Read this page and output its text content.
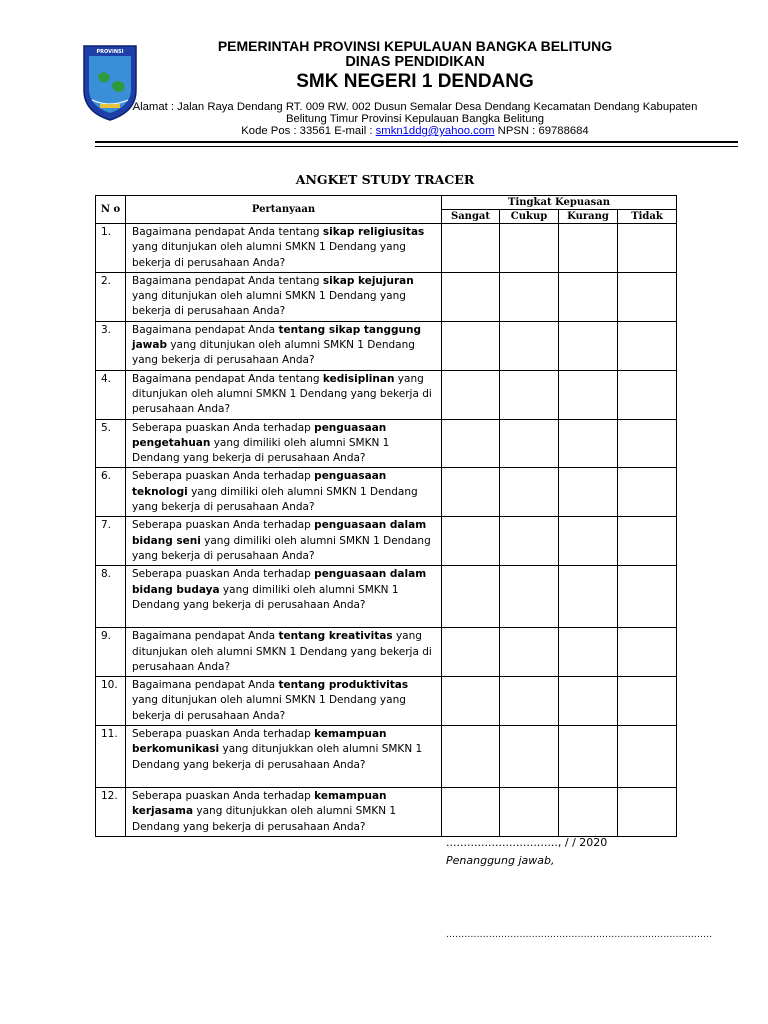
PROVINSI	PEMERINTAH PROVINSI KEPULAUAN BANGKA BELITUNG
DINAS PENDIDIKAN
SMK NEGERI 1 DENDANG
Alamat : Jalan Raya Dendang RT. 009 RW. 002 Dusun Semalar Desa Dendang Kecamatan Dendang Kabupaten
Belitung Timur Provinsi Kepulauan Bangka Belitung
Kode Pos : 33561 E-mail : smkn1ddg@yahoo.com NPSN : 69788684
ANGKET STUDY TRACER
N o	Pertanyaan	Tingkat Kepuasan			
		Sangat	Cukup	Kurang	Tidak
1.	Bagaimana pendapat Anda tentang sikap religiusitas yang ditunjukan oleh alumni SMKN 1 Dendang yang bekerja di perusahaan Anda?				
2.	Bagaimana pendapat Anda tentang sikap kejujuran yang ditunjukan oleh alumni SMKN 1 Dendang yang bekerja di perusahaan Anda?				
3.	Bagaimana pendapat Anda tentang sikap tanggung jawab yang ditunjukan oleh alumni SMKN 1 Dendang yang bekerja di perusahaan Anda?				
4.	Bagaimana pendapat Anda tentang kedisiplinan yang ditunjukan oleh alumni SMKN 1 Dendang yang bekerja di perusahaan Anda?				
5.	Seberapa puaskan Anda terhadap penguasaan pengetahuan yang dimiliki oleh alumni SMKN 1 Dendang yang bekerja di perusahaan Anda?				
6.	Seberapa puaskan Anda terhadap penguasaan teknologi yang dimiliki oleh alumni SMKN 1 Dendang yang bekerja di perusahaan Anda?				
7.	Seberapa puaskan Anda terhadap penguasaan dalam bidang seni yang dimiliki oleh alumni SMKN 1 Dendang yang bekerja di perusahaan Anda?				
8.	Seberapa puaskan Anda terhadap penguasaan dalam bidang budaya yang dimiliki oleh alumni SMKN 1 Dendang yang bekerja di perusahaan Anda?				
9.	Bagaimana pendapat Anda tentang kreativitas yang ditunjukan oleh alumni SMKN 1 Dendang yang bekerja di perusahaan Anda?				
10.	Bagaimana pendapat Anda tentang produktivitas yang ditunjukan oleh alumni SMKN 1 Dendang yang bekerja di perusahaan Anda?				
11.	Seberapa puaskan Anda terhadap kemampuan berkomunikasi yang ditunjukkan oleh alumni SMKN 1 Dendang yang bekerja di perusahaan Anda?				
12.	Seberapa puaskan Anda terhadap kemampuan kerjasama yang ditunjukkan oleh alumni SMKN 1 Dendang yang bekerja di perusahaan Anda?				
................................, / / 2020
Penanggung jawab,
.......................................................................................
